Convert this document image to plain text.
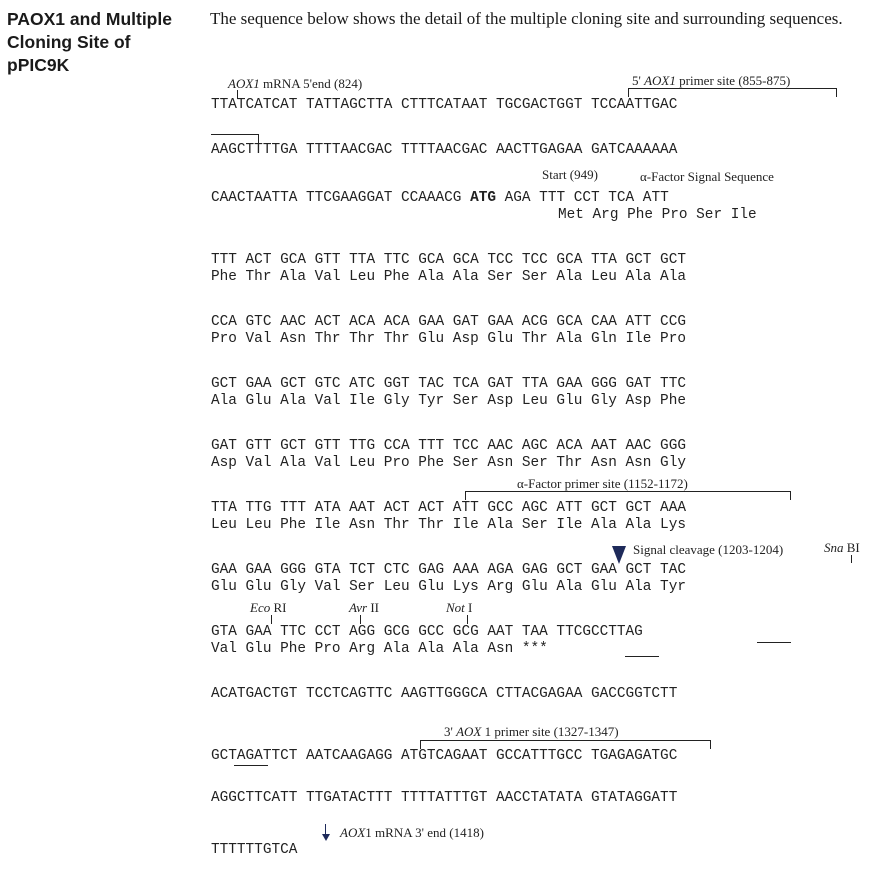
PAOX1 and Multiple Cloning Site of pPIC9K
The sequence below shows the detail of the multiple cloning site and surrounding sequences.
AOX1 mRNA 5'end (824)	5' AOX1 primer site (855-875)
TTATCATCAT TATTAGCTTA CTTTCATAAT TGCGACTGGT TCCAATTGAC
AAGCTTTTGA TTTTAACGAC TTTTAACGAC AACTTGAGAA GATCAAAAAA
Start (949)	α-Factor Signal Sequence
CAACTAATTA TTCGAAGGAT CCAAACG ATG AGA TTT CCT TCA ATT
Met Arg Phe Pro Ser Ile
TTT ACT GCA GTT TTA TTC GCA GCA TCC TCC GCA TTA GCT GCT
Phe Thr Ala Val Leu Phe Ala Ala Ser Ser Ala Leu Ala Ala
CCA GTC AAC ACT ACA ACA GAA GAT GAA ACG GCA CAA ATT CCG
Pro Val Asn Thr Thr Thr Glu Asp Glu Thr Ala Gln Ile Pro
GCT GAA GCT GTC ATC GGT TAC TCA GAT TTA GAA GGG GAT TTC
Ala Glu Ala Val Ile Gly Tyr Ser Asp Leu Glu Gly Asp Phe
GAT GTT GCT GTT TTG CCA TTT TCC AAC AGC ACA AAT AAC GGG
Asp Val Ala Val Leu Pro Phe Ser Asn Ser Thr Asn Asn Gly
α-Factor primer site (1152-1172)
TTA TTG TTT ATA AAT ACT ACT ATT GCC AGC ATT GCT GCT AAA
Leu Leu Phe Ile Asn Thr Thr Ile Ala Ser Ile Ala Ala Lys
Signal cleavage (1203-1204)	Sna BI
GAA GAA GGG GTA TCT CTC GAG AAA AGA GAG GCT GAA GCT TAC
Glu Glu Gly Val Ser Leu Glu Lys Arg Glu Ala Glu Ala Tyr
Eco RI	Avr II	Not I
GTA GAA TTC CCT AGG GCG GCC GCG AAT TAA TTCGCCTTAG
Val Glu Phe Pro Arg Ala Ala Ala Asn ***
ACATGACTGT TCCTCAGTTC AAGTTGGGCA CTTACGAGAA GACCGGTCTT
3' AOX 1 primer site (1327-1347)
GCTAGATTCT AATCAAGAGG ATGTCAGAAT GCCATTTGCC TGAGAGATGC
AGGCTTCATT TTGATACTTT TTTTATTTGT AACCTATATA GTATAGGATT
AOX1 mRNA 3' end (1418)
TTTTTTGTCA
